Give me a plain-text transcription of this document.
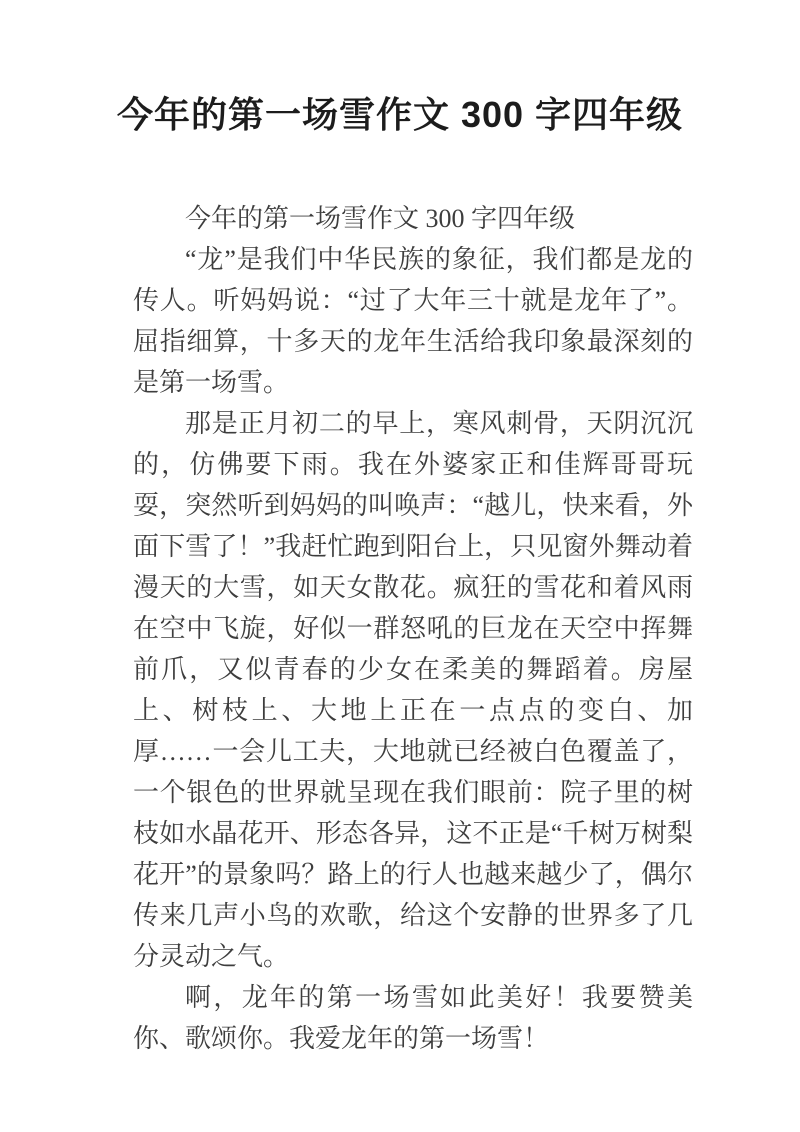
今年的第一场雪作文 300 字四年级

今年的第一场雪作文 300 字四年级

“龙”是我们中华民族的象征，我们都是龙的传人。听妈妈说：“过了大年三十就是龙年了”。屈指细算，十多天的龙年生活给我印象最深刻的是第一场雪。

那是正月初二的早上，寒风刺骨，天阴沉沉的，仿佛要下雨。我在外婆家正和佳辉哥哥玩耍，突然听到妈妈的叫唤声：“越儿，快来看，外面下雪了！”我赶忙跑到阳台上，只见窗外舞动着漫天的大雪，如天女散花。疯狂的雪花和着风雨在空中飞旋，好似一群怒吼的巨龙在天空中挥舞前爪，又似青春的少女在柔美的舞蹈着。房屋上、树枝上、大地上正在一点点的变白、加厚……一会儿工夫，大地就已经被白色覆盖了，一个银色的世界就呈现在我们眼前：院子里的树枝如水晶花开、形态各异，这不正是“千树万树梨花开”的景象吗？路上的行人也越来越少了，偶尔传来几声小鸟的欢歌，给这个安静的世界多了几分灵动之气。

啊，龙年的第一场雪如此美好！我要赞美你、歌颂你。我爱龙年的第一场雪！
